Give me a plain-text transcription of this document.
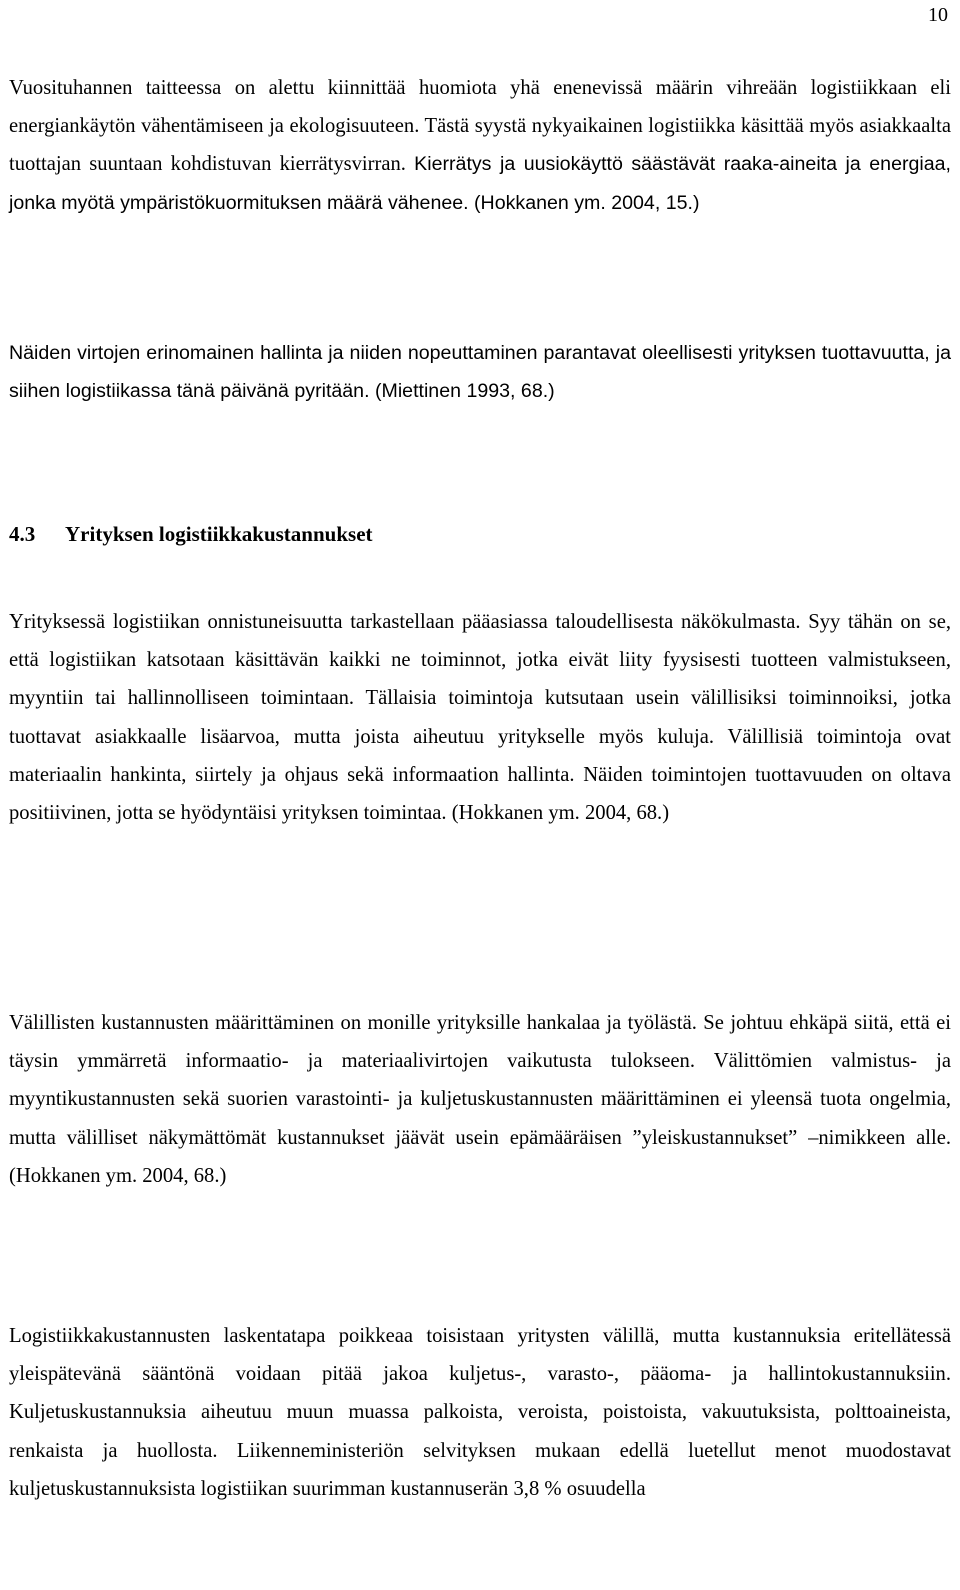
10

Vuosituhannen taitteessa on alettu kiinnittää huomiota yhä enenevissä määrin vihreään logistiikkaan eli energiankäytön vähentämiseen ja ekologisuuteen. Tästä syystä nykyaikainen logistiikka käsittää myös asiakkaalta tuottajan suuntaan kohdistuvan kierrätysvirran. Kierrätys ja uusiokäyttö säästävät raaka-aineita ja energiaa, jonka myötä ympäristökuormituksen määrä vähenee. (Hokkanen ym. 2004, 15.)

Näiden virtojen erinomainen hallinta ja niiden nopeuttaminen parantavat oleellisesti yrityksen tuottavuutta, ja siihen logistiikassa tänä päivänä pyritään. (Miettinen 1993, 68.)

4.3 Yrityksen logistiikkakustannukset

Yrityksessä logistiikan onnistuneisuutta tarkastellaan pääasiassa taloudellisesta näkökulmasta. Syy tähän on se, että logistiikan katsotaan käsittävän kaikki ne toiminnot, jotka eivät liity fyysisesti tuotteen valmistukseen, myyntiin tai hallinnolliseen toimintaan. Tällaisia toimintoja kutsutaan usein välillisiksi toiminnoiksi, jotka tuottavat asiakkaalle lisäarvoa, mutta joista aiheutuu yritykselle myös kuluja. Välillisiä toimintoja ovat materiaalin hankinta, siirtely ja ohjaus sekä informaation hallinta. Näiden toimintojen tuottavuuden on oltava positiivinen, jotta se hyödyntäisi yrityksen toimintaa. (Hokkanen ym. 2004, 68.)

Välillisten kustannusten määrittäminen on monille yrityksille hankalaa ja työlästä. Se johtuu ehkäpä siitä, että ei täysin ymmärretä informaatio- ja materiaalivirtojen vaikutusta tulokseen. Välittömien valmistus- ja myyntikustannusten sekä suorien varastointi- ja kuljetuskustannusten määrittäminen ei yleensä tuota ongelmia, mutta välilliset näkymättömät kustannukset jäävät usein epämääräisen ”yleiskustannukset” –nimikkeen alle. (Hokkanen ym. 2004, 68.)

Logistiikkakustannusten laskentatapa poikkeaa toisistaan yritysten välillä, mutta kustannuksia eritellätessä yleispätevänä sääntönä voidaan pitää jakoa kuljetus-, varasto-, pääoma- ja hallintokustannuksiin. Kuljetuskustannuksia aiheutuu muun muassa palkoista, veroista, poistoista, vakuutuksista, polttoaineista, renkaista ja huollosta. Liikenneministeriön selvityksen mukaan edellä luetellut menot muodostavat kuljetuskustannuksista logistiikan suurimman kustannuserän 3,8 % osuudella
